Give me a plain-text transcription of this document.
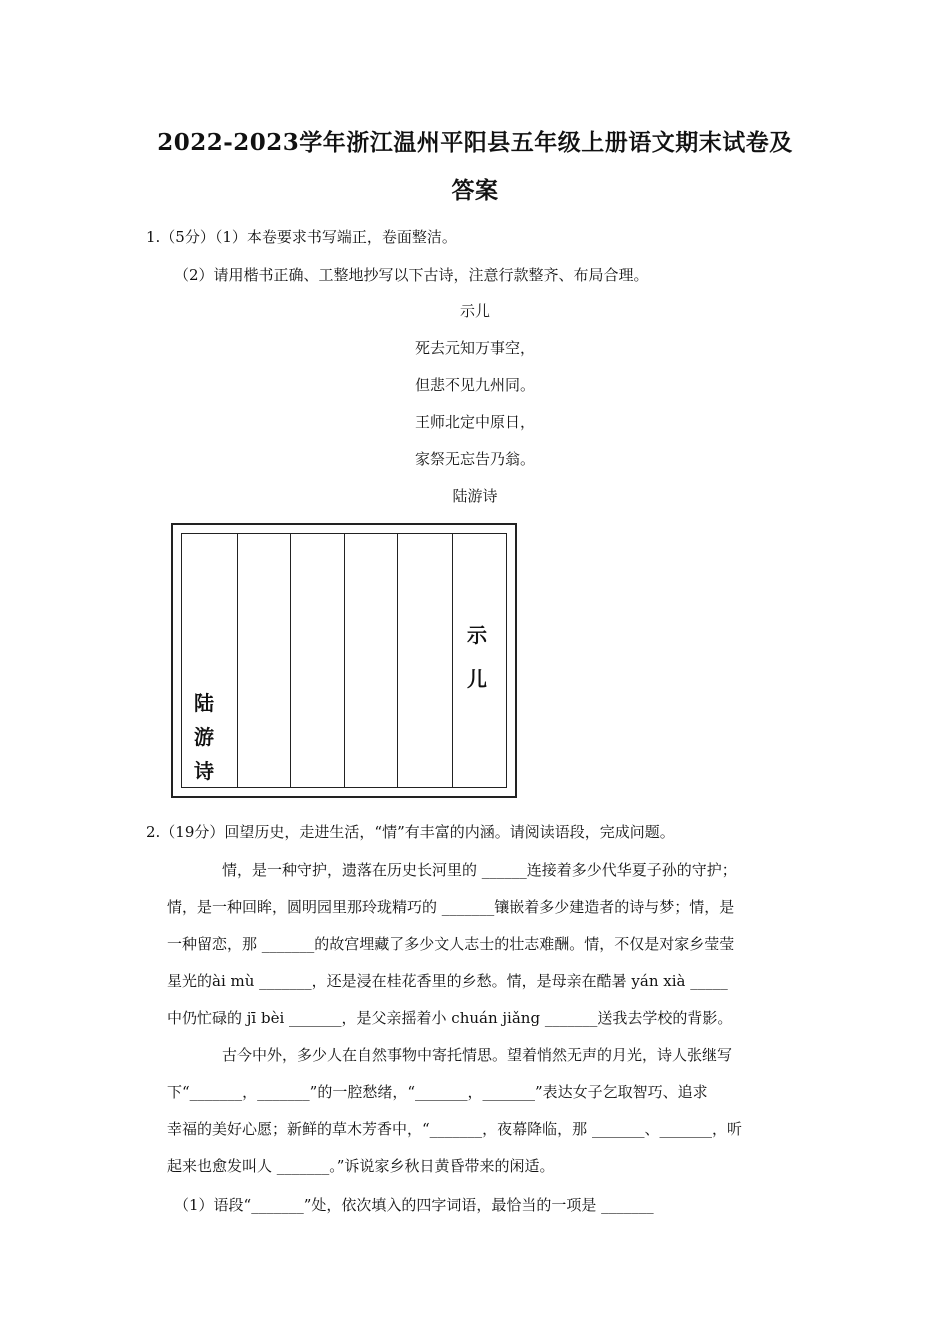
2022-2023学年浙江温州平阳县五年级上册语文期末试卷及
答案
1.（5分）（1）本卷要求书写端正，卷面整洁。
（2）请用楷书正确、工整地抄写以下古诗，注意行款整齐、布局合理。
示儿
死去元知万事空，
但悲不见九州同。
王师北定中原日，
家祭无忘告乃翁。
陆游诗
陆
游
诗
示
儿
2.（19分）回望历史，走进生活，“情”有丰富的内涵。请阅读语段，完成问题。
情，是一种守护，遗落在历史长河里的 ______连接着多少代华夏子孙的守护；
情，是一种回眸，圆明园里那玲珑精巧的 _______镶嵌着多少建造者的诗与梦；情，是
一种留恋，那 _______的故宫埋藏了多少文人志士的壮志难酬。情，不仅是对家乡莹莹
星光的ài mù _______，还是浸在桂花香里的乡愁。情，是母亲在酷暑 yán xià _____
中仍忙碌的 jī bèi _______，是父亲摇着小 chuán jiǎng _______送我去学校的背影。
古今中外，多少人在自然事物中寄托情思。望着悄然无声的月光，诗人张继写
下“_______，_______”的一腔愁绪，“_______，_______”表达女子乞取智巧、追求
幸福的美好心愿；新鲜的草木芳香中，“_______，夜幕降临，那 _______、_______，听
起来也愈发叫人 _______。”诉说家乡秋日黄昏带来的闲适。
（1）语段“_______”处，依次填入的四字词语，最恰当的一项是 _______
